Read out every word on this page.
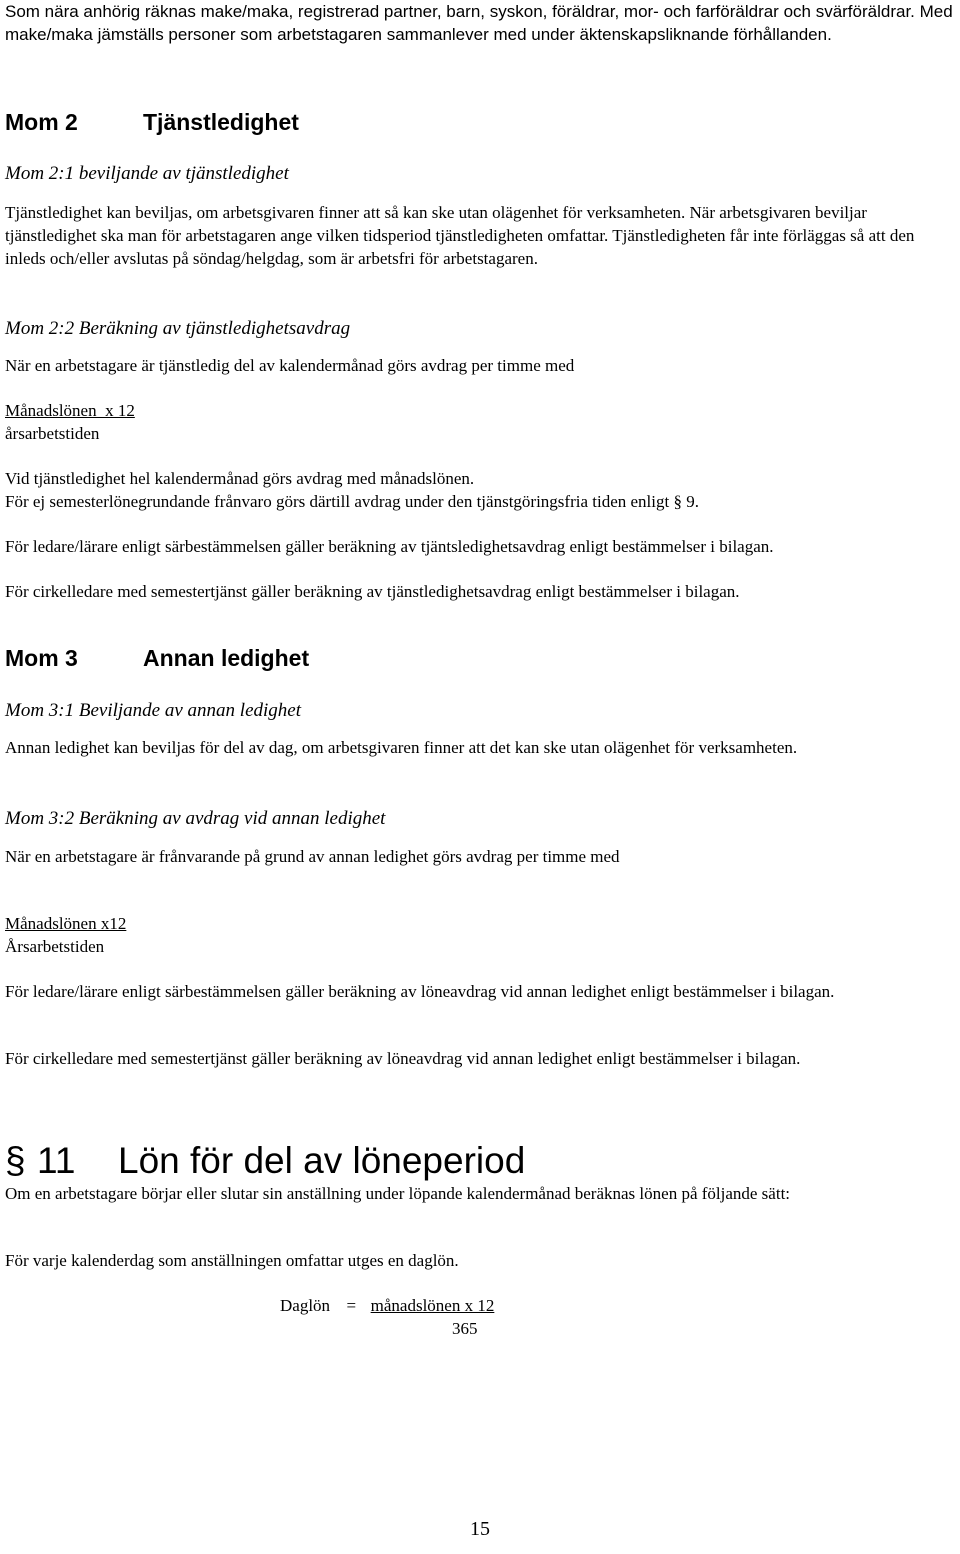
Som nära anhörig räknas make/maka, registrerad partner, barn, syskon, föräldrar, mor- och farföräldrar och svärföräldrar. Med make/maka jämställs personer som arbetstagaren sammanlever med under äktenskapsliknande förhållanden.

Mom 2	Tjänstledighet
Mom 2:1 beviljande av tjänstledighet

Tjänstledighet kan beviljas, om arbetsgivaren finner att så kan ske utan olägenhet för verksamheten. När arbetsgivaren beviljar tjänstledighet ska man för arbetstagaren ange vilken tidsperiod tjänstledigheten omfattar. Tjänstledigheten får inte förläggas så att den inleds och/eller avslutas på söndag/helgdag, som är arbetsfri för arbetstagaren.

Mom 2:2 Beräkning av tjänstledighetsavdrag

När en arbetstagare är tjänstledig del av kalendermånad görs avdrag per timme med

Månadslönen  x 12
årsarbetstiden
Vid tjänstledighet hel kalendermånad görs avdrag med månadslönen.
För ej semesterlönegrundande frånvaro görs därtill avdrag under den tjänstgöringsfria tiden enligt § 9.
För ledare/lärare enligt särbestämmelsen gäller beräkning av tjäntsledighetsavdrag enligt bestämmelser i bilagan.
För cirkelledare med semestertjänst gäller beräkning av tjänstledighetsavdrag enligt bestämmelser i bilagan.
Mom 3	Annan ledighet
Mom 3:1 Beviljande av annan ledighet

Annan ledighet kan beviljas för del av dag, om arbetsgivaren finner att det kan ske utan olägenhet för verksamheten.

Mom 3:2 Beräkning av avdrag vid annan ledighet

När en arbetstagare är frånvarande på grund av annan ledighet görs avdrag per timme med

Månadslönen x12
Årsarbetstiden

För ledare/lärare enligt särbestämmelsen gäller beräkning av löneavdrag vid annan ledighet enligt bestämmelser i bilagan.

För cirkelledare med semestertjänst gäller beräkning av löneavdrag vid annan ledighet enligt bestämmelser i bilagan.

§ 11 Lön för del av löneperiod

Om en arbetstagare börjar eller slutar sin anställning under löpande kalendermånad beräknas lönen på följande sätt:

För varje kalenderdag som anställningen omfattar utges en daglön.
Daglön = månadslönen x 12
365
15
